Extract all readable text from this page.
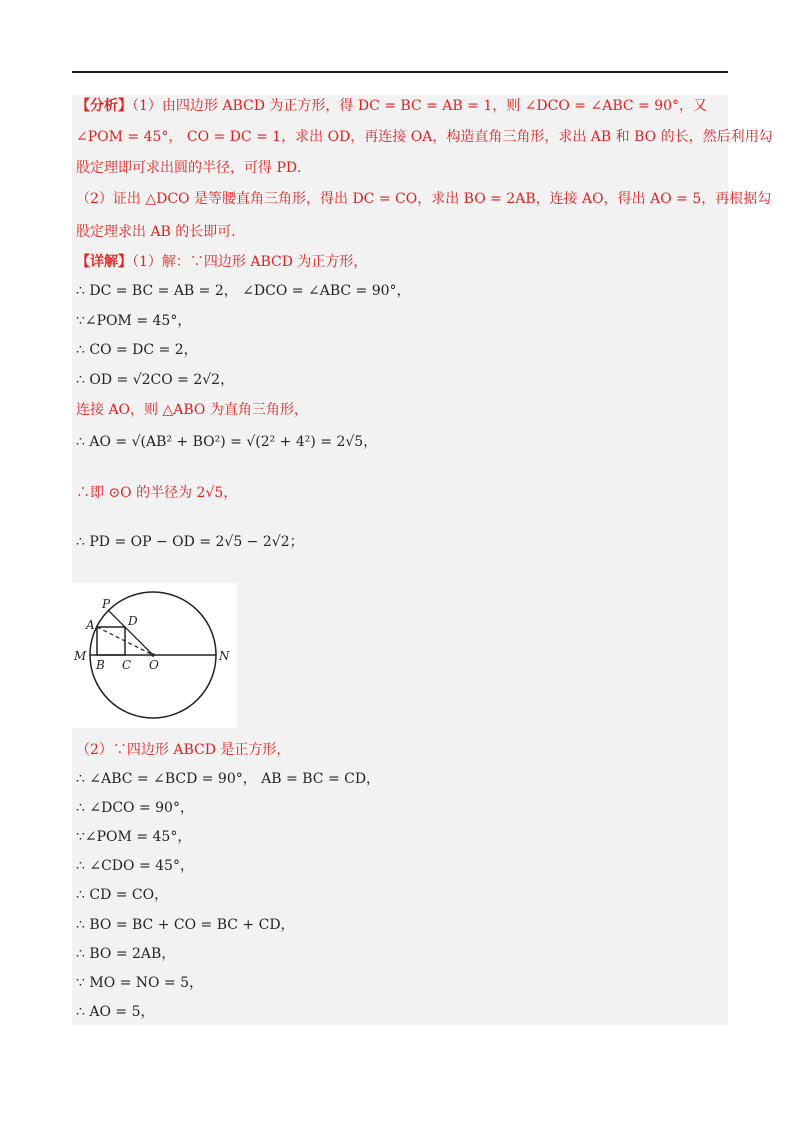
【分析】（1）由四边形 ABCD 为正方形，得 DC = BC = AB = 1，则 ∠DCO = ∠ABC = 90°，又
∠POM = 45°， CO = DC = 1，求出 OD，再连接 OA，构造直角三角形，求出 AB 和 BO 的长，然后利用勾
股定理即可求出圆的半径，可得 PD．
（2）证出 △DCO 是等腰直角三角形，得出 DC = CO，求出 BO = 2AB，连接 AO，得出 AO = 5，再根据勾
股定理求出 AB 的长即可．
【详解】（1）解：∵四边形 ABCD 为正方形，
∴ DC = BC = AB = 2， ∠DCO = ∠ABC = 90°，
∵∠POM = 45°，
∴ CO = DC = 2，
∴ OD = √2CO = 2√2，
连接 AO，则 △ABO 为直角三角形，
∴ AO = √(AB² + BO²) = √(2² + 4²) = 2√5，
∴即 ⊙O 的半径为 2√5，
∴ PD = OP − OD = 2√5 − 2√2；
P
A	D
M
B C O
N
（2）∵四边形 ABCD 是正方形，
∴ ∠ABC = ∠BCD = 90°， AB = BC = CD，
∴ ∠DCO = 90°，
∵∠POM = 45°，
∴ ∠CDO = 45°，
∴ CD = CO，
∴ BO = BC + CO = BC + CD，
∴ BO = 2AB，
∵ MO = NO = 5，
∴ AO = 5，
